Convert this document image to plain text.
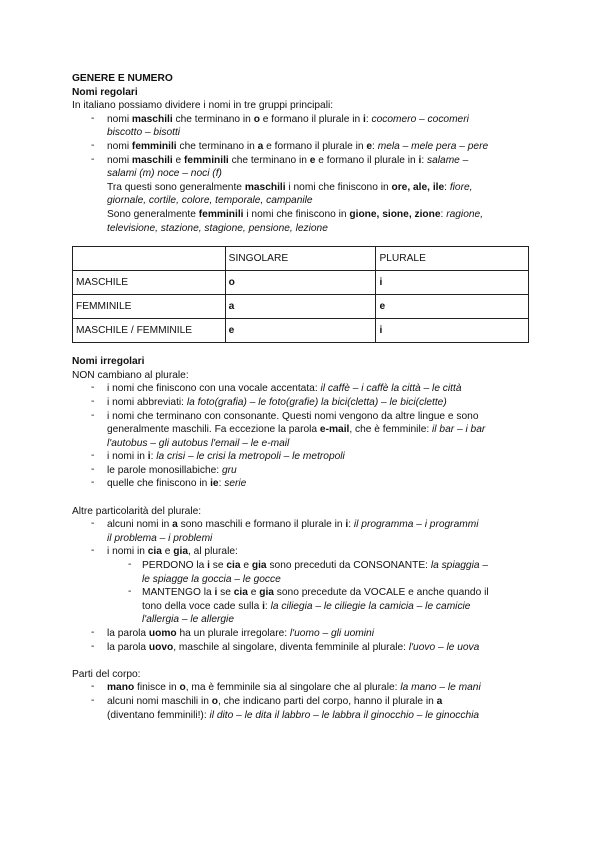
GENERE E NUMERO
Nomi regolari
In italiano possiamo dividere i nomi in tre gruppi principali:
- nomi maschili che terminano in o e formano il plurale in i: cocomero – cocomeri
biscotto – bisotti
- nomi femminili che terminano in a e formano il plurale in e: mela – mele pera – pere
- nomi maschili e femminili che terminano in e e formano il plurale in i: salame –
salami (m) noce – noci (f)
Tra questi sono generalmente maschili i nomi che finiscono in ore, ale, ile: fiore,
giornale, cortile, colore, temporale, campanile
Sono generalmente femminili i nomi che finiscono in gione, sione, zione: ragione,
televisione, stazione, stagione, pensione, lezione
	SINGOLARE	PLURALE
MASCHILE	o	i
FEMMINILE	a	e
MASCHILE / FEMMINILE	e	i
Nomi irregolari
NON cambiano al plurale:
- i nomi che finiscono con una vocale accentata: il caffè – i caffè la città – le città
- i nomi abbreviati: la foto(grafia) – le foto(grafie) la bici(cletta) – le bici(clette)
- i nomi che terminano con consonante. Questi nomi vengono da altre lingue e sono
generalmente maschili. Fa eccezione la parola e-mail, che è femminile: il bar – i bar
l'autobus – gli autobus l'email – le e-mail
- i nomi in i: la crisi – le crisi la metropoli – le metropoli
- le parole monosillabiche: gru
- quelle che finiscono in ie: serie
Altre particolarità del plurale:
- alcuni nomi in a sono maschili e formano il plurale in i: il programma – i programmi
il problema – i problemi
- i nomi in cia e gia, al plurale:
- PERDONO la i se cia e gia sono preceduti da CONSONANTE: la spiaggia –
le spiagge la goccia – le gocce
- MANTENGO la i se cia e gia sono precedute da VOCALE e anche quando il
tono della voce cade sulla i: la ciliegia – le ciliegie la camicia – le camicie
l'allergia – le allergie
- la parola uomo ha un plurale irregolare: l'uomo – gli uomini
- la parola uovo, maschile al singolare, diventa femminile al plurale: l'uovo – le uova
Parti del corpo:
- mano finisce in o, ma è femminile sia al singolare che al plurale: la mano – le mani
- alcuni nomi maschili in o, che indicano parti del corpo, hanno il plurale in a
(diventano femminili!): il dito – le dita il labbro – le labbra il ginocchio – le ginocchia
